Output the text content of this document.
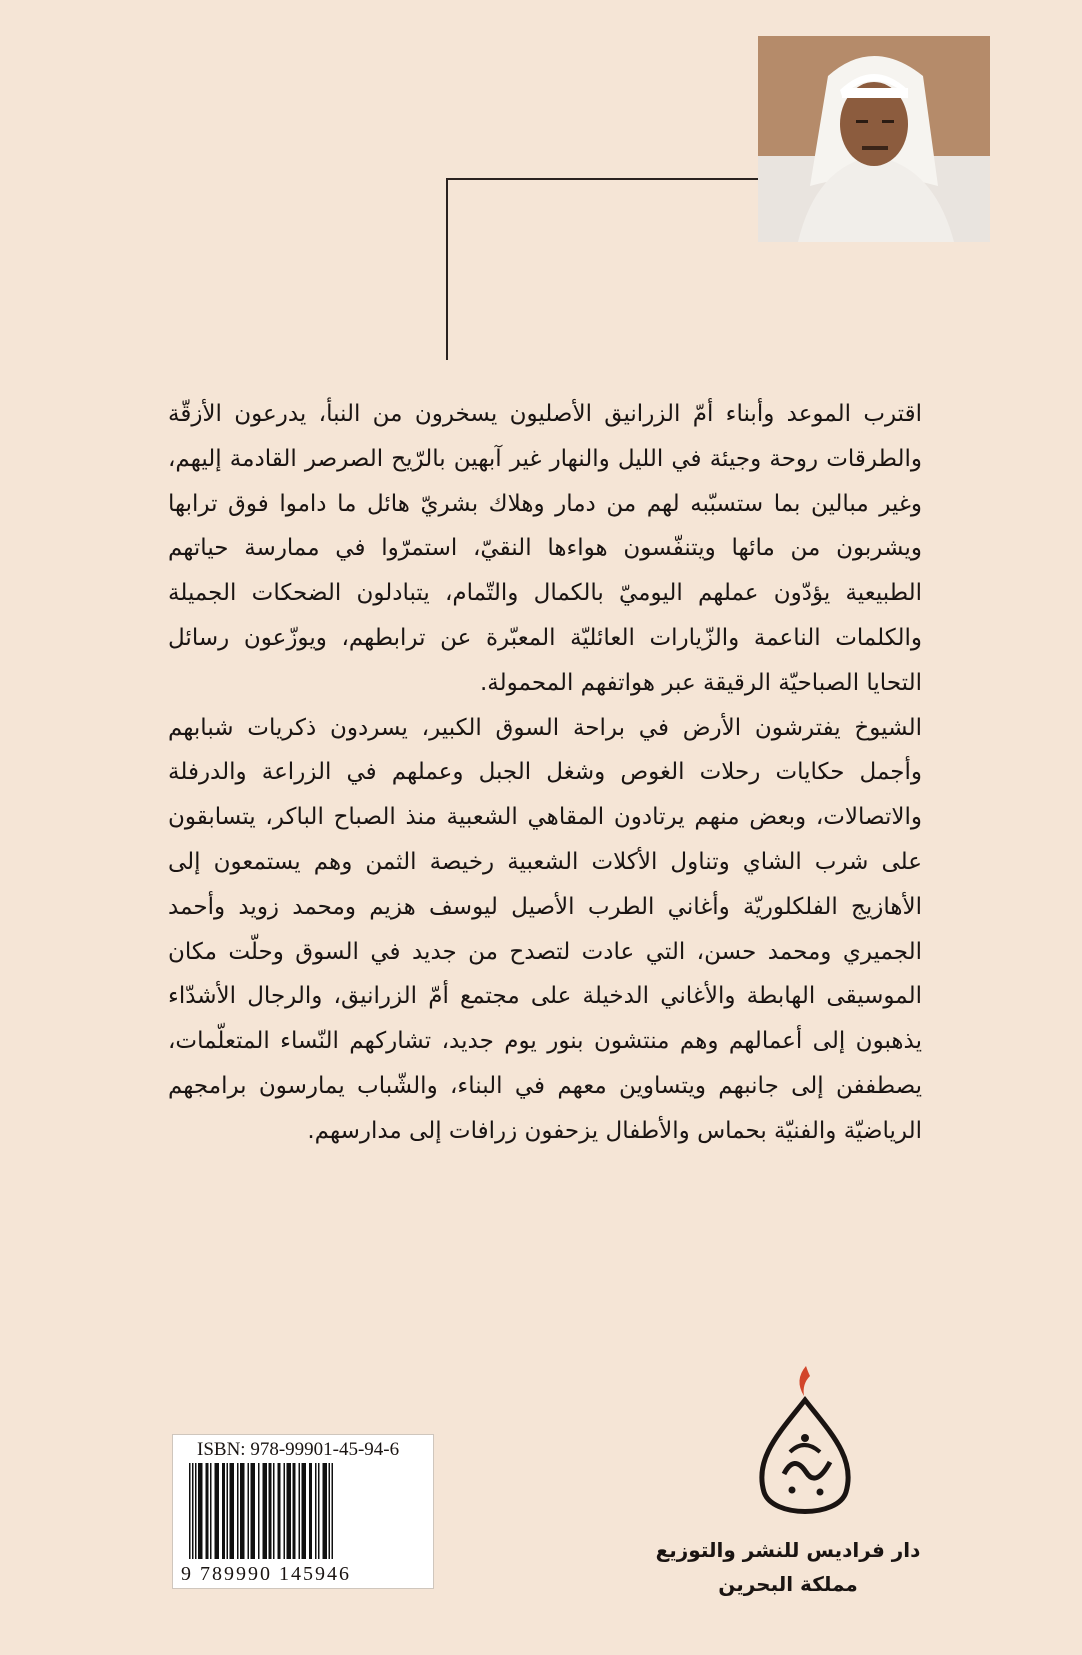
اقترب الموعد وأبناء أمّ الزرانيق الأصليون يسخرون من النبأ، يدرعون الأزقّة والطرقات روحة وجيئة في الليل والنهار غير آبهين بالرّيح الصرصر القادمة إليهم، وغير مبالين بما ستسبّبه لهم من دمار وهلاك بشريّ هائل ما داموا فوق ترابها ويشربون من مائها ويتنفّسون هواءها النقيّ، استمرّوا في ممارسة حياتهم الطبيعية يؤدّون عملهم اليوميّ بالكمال والتّمام، يتبادلون الضحكات الجميلة والكلمات الناعمة والزّيارات العائليّة المعبّرة عن ترابطهم، ويوزّعون رسائل التحايا الصباحيّة الرقيقة عبر هواتفهم المحمولة.

الشيوخ يفترشون الأرض في براحة السوق الكبير، يسردون ذكريات شبابهم وأجمل حكايات رحلات الغوص وشغل الجبل وعملهم في الزراعة والدرفلة والاتصالات، وبعض منهم يرتادون المقاهي الشعبية منذ الصباح الباكر، يتسابقون على شرب الشاي وتناول الأكلات الشعبية رخيصة الثمن وهم يستمعون إلى الأهازيج الفلكلوريّة وأغاني الطرب الأصيل ليوسف هزيم ومحمد زويد وأحمد الجميري ومحمد حسن، التي عادت لتصدح من جديد في السوق وحلّت مكان الموسيقى الهابطة والأغاني الدخيلة على مجتمع أمّ الزرانيق، والرجال الأشدّاء يذهبون إلى أعمالهم وهم منتشون بنور يوم جديد، تشاركهم النّساء المتعلّمات، يصطففن إلى جانبهم ويتساوين معهم في البناء، والشّباب يمارسون برامجهم الرياضيّة والفنيّة بحماس والأطفال يزحفون زرافات إلى مدارسهم.

ISBN: 978-99901-45-94-6
9 789990 145946
دار فراديس للنشر والتوزيع
مملكة البحرين
